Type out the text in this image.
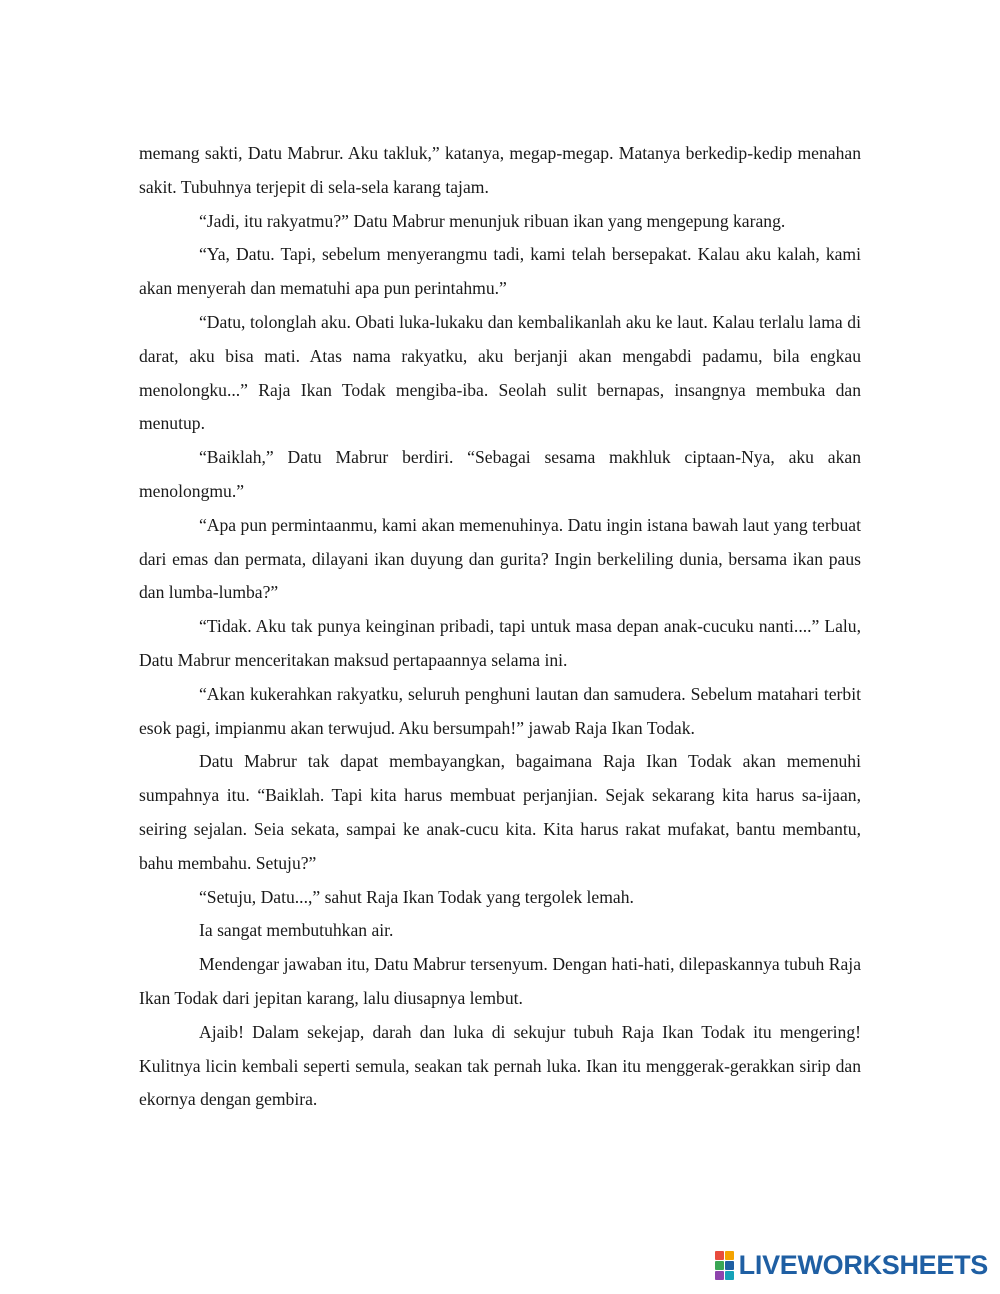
memang sakti, Datu Mabrur. Aku takluk,” katanya, megap-megap. Matanya berkedip-kedip menahan sakit. Tubuhnya terjepit di sela-sela karang tajam.

“Jadi, itu rakyatmu?” Datu Mabrur menunjuk ribuan ikan yang mengepung karang.

“Ya, Datu. Tapi, sebelum menyerangmu tadi, kami telah bersepakat. Kalau aku kalah, kami akan menyerah dan mematuhi apa pun perintahmu.”

“Datu, tolonglah aku. Obati luka-lukaku dan kembalikanlah aku ke laut. Kalau terlalu lama di darat, aku bisa mati. Atas nama rakyatku, aku berjanji akan mengabdi padamu, bila engkau menolongku...” Raja Ikan Todak mengiba-iba. Seolah sulit bernapas, insangnya membuka dan menutup.

“Baiklah,” Datu Mabrur berdiri. “Sebagai sesama makhluk ciptaan-Nya, aku akan menolongmu.”

“Apa pun permintaanmu, kami akan memenuhinya. Datu ingin istana bawah laut yang terbuat dari emas dan permata, dilayani ikan duyung dan gurita? Ingin berkeliling dunia, bersama ikan paus dan lumba-lumba?”

“Tidak. Aku tak punya keinginan pribadi, tapi untuk masa depan anak-cucuku nanti....” Lalu, Datu Mabrur menceritakan maksud pertapaannya selama ini.

“Akan kukerahkan rakyatku, seluruh penghuni lautan dan samudera. Sebelum matahari terbit esok pagi, impianmu akan terwujud. Aku bersumpah!” jawab Raja Ikan Todak.

Datu Mabrur tak dapat membayangkan, bagaimana Raja Ikan Todak akan memenuhi sumpahnya itu. “Baiklah. Tapi kita harus membuat perjanjian. Sejak sekarang kita harus sa-ijaan, seiring sejalan. Seia sekata, sampai ke anak-cucu kita. Kita harus rakat mufakat, bantu membantu, bahu membahu. Setuju?”

“Setuju, Datu...,” sahut Raja Ikan Todak yang tergolek lemah.

Ia sangat membutuhkan air.

Mendengar jawaban itu, Datu Mabrur tersenyum. Dengan hati-hati, dilepaskannya tubuh Raja Ikan Todak dari jepitan karang, lalu diusapnya lembut.

Ajaib! Dalam sekejap, darah dan luka di sekujur tubuh Raja Ikan Todak itu mengering! Kulitnya licin kembali seperti semula, seakan tak pernah luka. Ikan itu menggerak-gerakkan sirip dan ekornya dengan gembira.

LIVEWORKSHEETS
